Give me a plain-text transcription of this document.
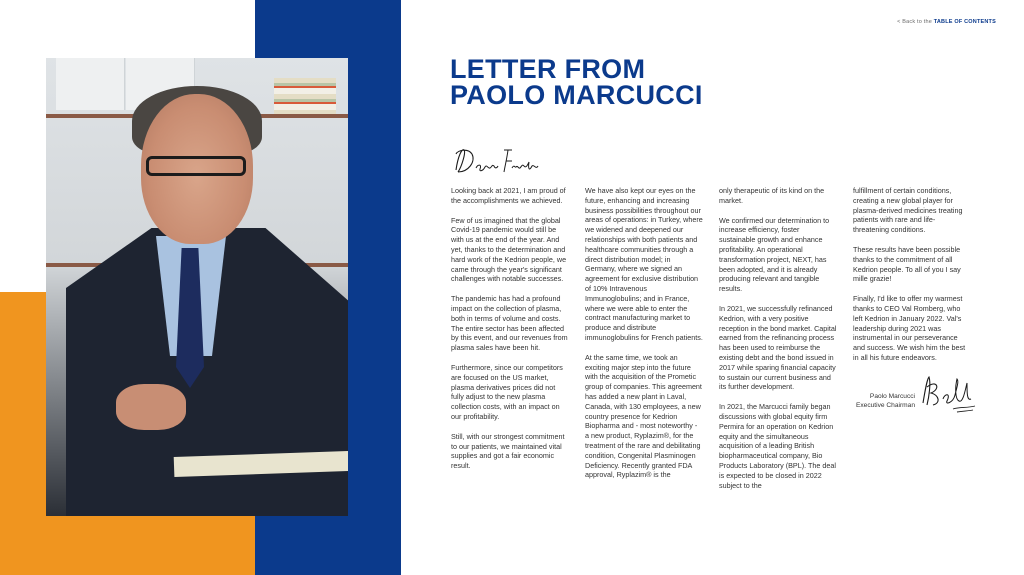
< Back to the TABLE OF CONTENTS
LETTER FROM
PAOLO MARCUCCI

Looking back at 2021, I am proud of the accomplishments we achieved.

Few of us imagined that the global Covid-19 pandemic would still be with us at the end of the year. And yet, thanks to the determination and hard work of the Kedrion people, we came through the year's significant challenges with notable successes.

The pandemic has had a profound impact on the collection of plasma, both in terms of volume and costs. The entire sector has been affected by this event, and our revenues from plasma sales have been hit.

Furthermore, since our competitors are focused on the US market, plasma derivatives prices did not fully adjust to the new plasma collection costs, with an impact on our profitability.

Still, with our strongest commitment to our patients, we maintained vital supplies and got a fair economic result.

We have also kept our eyes on the future, enhancing and increasing business possibilities throughout our areas of operations: in Turkey, where we widened and deepened our relationships with both patients and healthcare communities through a direct distribution model; in Germany, where we signed an agreement for exclusive distribution of 10% Intravenous Immunoglobulins; and in France, where we were able to enter the contract manufacturing market to produce and distribute immunoglobulins for French patients.

At the same time, we took an exciting major step into the future with the acquisition of the Prometic group of companies. This agreement has added a new plant in Laval, Canada, with 130 employees, a new country presence for Kedrion Biopharma and - most noteworthy - a new product, Ryplazim®, for the treatment of the rare and debilitating condition, Congenital Plasminogen Deficiency. Recently granted FDA approval, Ryplazim® is the

only therapeutic of its kind on the market.

We confirmed our determination to increase efficiency, foster sustainable growth and enhance profitability. An operational transformation project, NEXT, has been adopted, and it is already producing relevant and tangible results.

In 2021, we successfully refinanced Kedrion, with a very positive reception in the bond market. Capital earned from the refinancing process has been used to reimburse the existing debt and the bond issued in 2017 while sparing financial capacity to sustain our current business and its further development.

In 2021, the Marcucci family began discussions with global equity firm Permira for an operation on Kedrion equity and the simultaneous acquisition of a leading British biopharmaceutical company, Bio Products Laboratory (BPL). The deal is expected to be closed in 2022 subject to the

fulfillment of certain conditions, creating a new global player for plasma-derived medicines treating patients with rare and life-threatening conditions.

These results have been possible thanks to the commitment of all Kedrion people. To all of you I say mille grazie!

Finally, I'd like to offer my warmest thanks to CEO Val Romberg, who left Kedrion in January 2022. Val's leadership during 2021 was instrumental in our perseverance and success. We wish him the best in all his future endeavors.

Paolo Marcucci
Executive Chairman
